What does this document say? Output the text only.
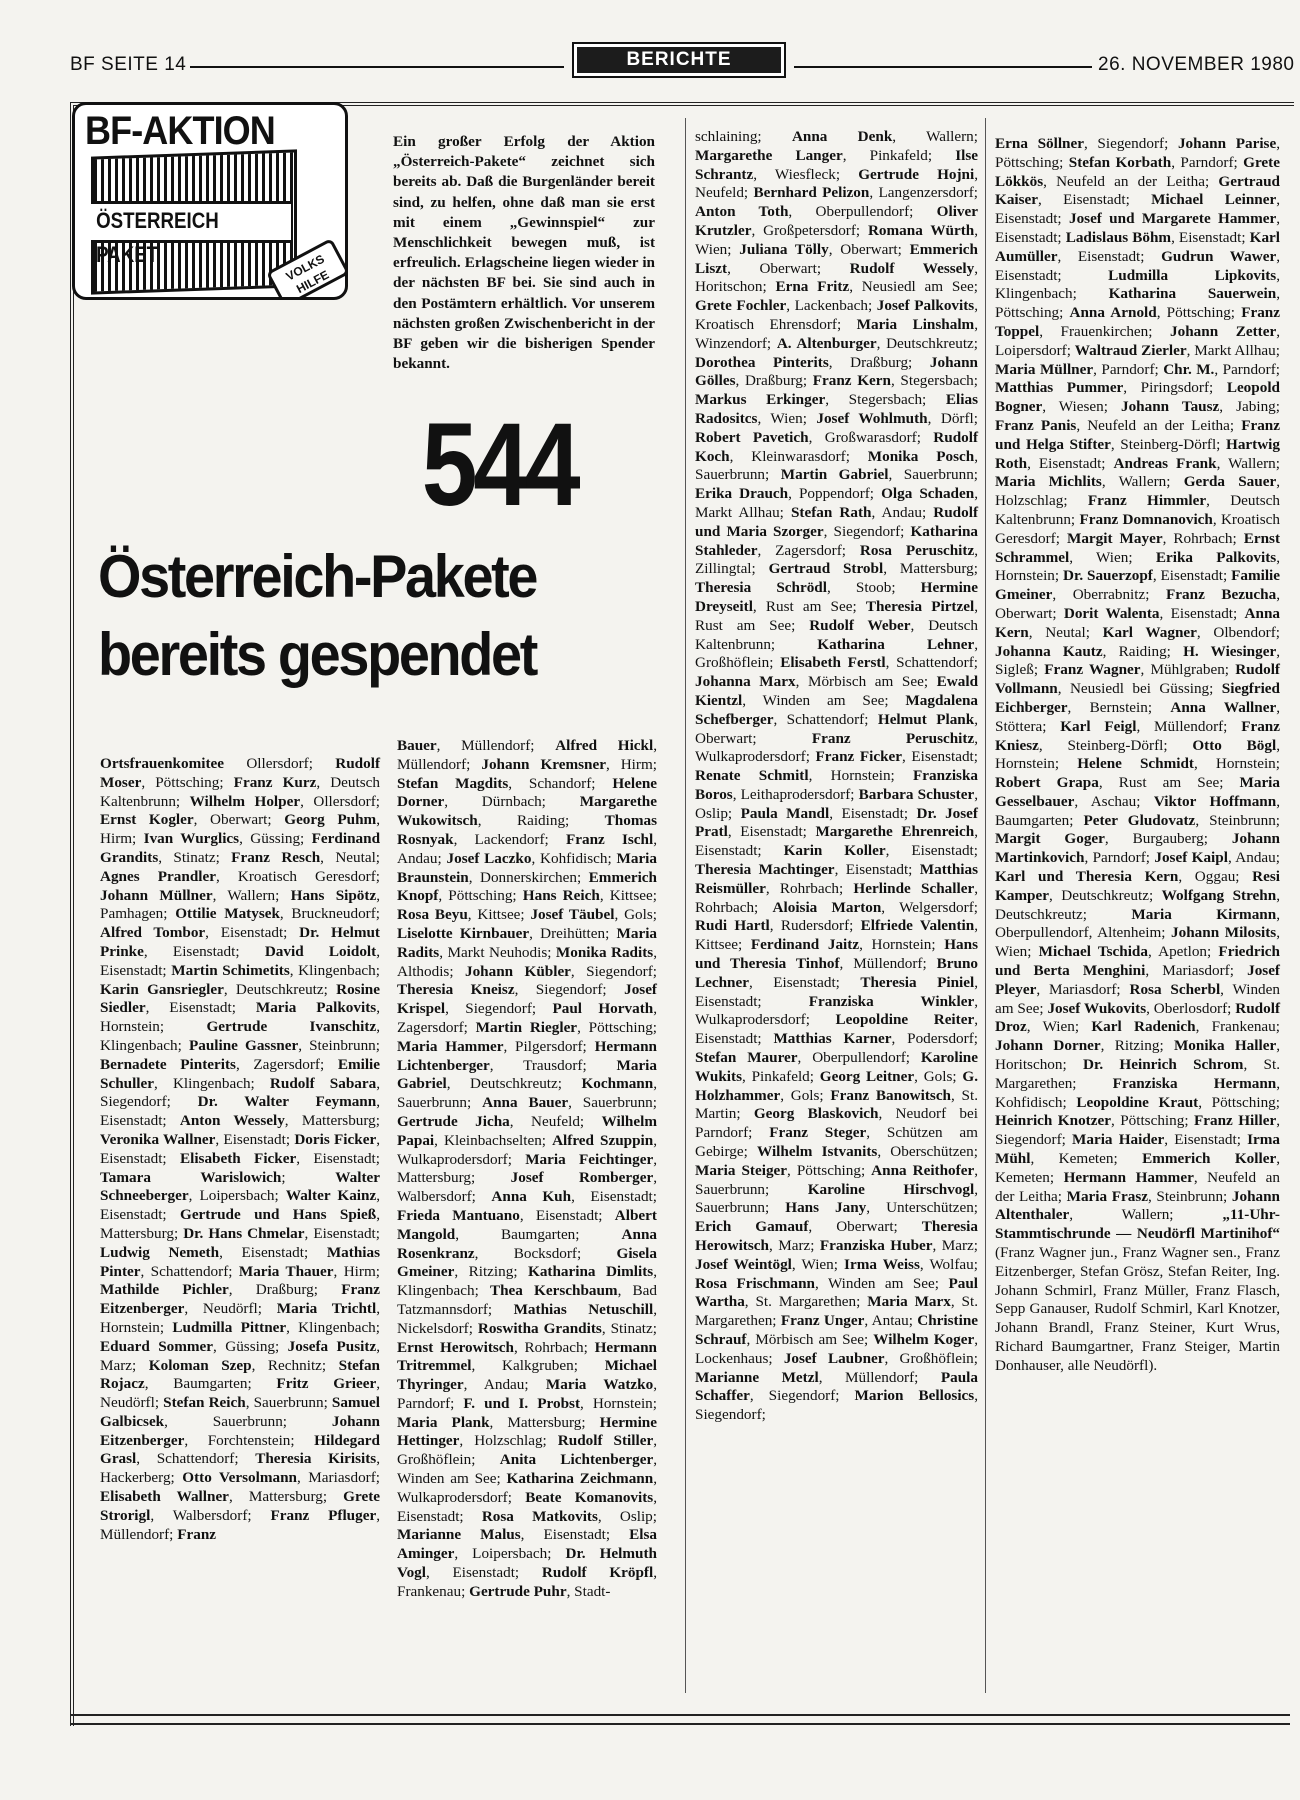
BF SEITE 14	BERICHTE	26. NOVEMBER 1980
BF-AKTION
ÖSTERREICH PAKET	VOLKS HILFE
Ein großer Erfolg der Aktion „Österreich-Pakete“ zeichnet sich bereits ab. Daß die Burgenländer bereit sind, zu helfen, ohne daß man sie erst mit einem „Gewinnspiel“ zur Menschlichkeit bewegen muß, ist erfreulich. Erlagscheine liegen wieder in der nächsten BF bei. Sie sind auch in den Postämtern erhältlich. Vor unserem nächsten großen Zwischenbericht in der BF geben wir die bisherigen Spender bekannt.
544
Österreich-Pakete
bereits gespendet
Ortsfrauenkomitee Ollersdorf; Rudolf Moser, Pöttsching; Franz Kurz, Deutsch Kaltenbrunn; Wilhelm Holper, Ollersdorf; Ernst Kogler, Oberwart; Georg Puhm, Hirm; Ivan Wurglics, Güssing; Ferdinand Grandits, Stinatz; Franz Resch, Neutal; Agnes Prandler, Kroatisch Geresdorf; Johann Müllner, Wallern; Hans Sipötz, Pamhagen; Ottilie Matysek, Bruckneudorf; Alfred Tombor, Eisenstadt; Dr. Helmut Prinke, Eisenstadt; David Loidolt, Eisenstadt; Martin Schimetits, Klingenbach; Karin Gansriegler, Deutschkreutz; Rosine Siedler, Eisenstadt; Maria Palkovits, Hornstein; Gertrude Ivanschitz, Klingenbach; Pauline Gassner, Steinbrunn; Bernadete Pinterits, Zagersdorf; Emilie Schuller, Klingenbach; Rudolf Sabara, Siegendorf; Dr. Walter Feymann, Eisenstadt; Anton Wessely, Mattersburg; Veronika Wallner, Eisenstadt; Doris Ficker, Eisenstadt; Elisabeth Ficker, Eisenstadt; Tamara Warislowich; Walter Schneeberger, Loipersbach; Walter Kainz, Eisenstadt; Gertrude und Hans Spieß, Mattersburg; Dr. Hans Chmelar, Eisenstadt; Ludwig Nemeth, Eisenstadt; Mathias Pinter, Schattendorf; Maria Thauer, Hirm; Mathilde Pichler, Draßburg; Franz Eitzenberger, Neudörfl; Maria Trichtl, Hornstein; Ludmilla Pittner, Klingenbach; Eduard Sommer, Güssing; Josefa Pusitz, Marz; Koloman Szep, Rechnitz; Stefan Rojacz, Baumgarten; Fritz Grieer, Neudörfl; Stefan Reich, Sauerbrunn; Samuel Galbicsek, Sauerbrunn; Johann Eitzenberger, Forchtenstein; Hildegard Grasl, Schattendorf; Theresia Kirisits, Hackerberg; Otto Versolmann, Mariasdorf; Elisabeth Wallner, Mattersburg; Grete Strorigl, Walbersdorf; Franz Pfluger, Müllendorf; Franz
Bauer, Müllendorf; Alfred Hickl, Müllendorf; Johann Kremsner, Hirm; Stefan Magdits, Schandorf; Helene Dorner, Dürnbach; Margarethe Wukowitsch, Raiding; Thomas Rosnyak, Lackendorf; Franz Ischl, Andau; Josef Laczko, Kohfidisch; Maria Braunstein, Donnerskirchen; Emmerich Knopf, Pöttsching; Hans Reich, Kittsee; Rosa Beyu, Kittsee; Josef Täubel, Gols; Liselotte Kirnbauer, Dreihütten; Maria Radits, Markt Neuhodis; Monika Radits, Althodis; Johann Kübler, Siegendorf; Theresia Kneisz, Siegendorf; Josef Krispel, Siegendorf; Paul Horvath, Zagersdorf; Martin Riegler, Pöttsching; Maria Hammer, Pilgersdorf; Hermann Lichtenberger, Trausdorf; Maria Gabriel, Deutschkreutz; Kochmann, Sauerbrunn; Anna Bauer, Sauerbrunn; Gertrude Jicha, Neufeld; Wilhelm Papai, Kleinbachselten; Alfred Szuppin, Wulkaprodersdorf; Maria Feichtinger, Mattersburg; Josef Romberger, Walbersdorf; Anna Kuh, Eisenstadt; Frieda Mantuano, Eisenstadt; Albert Mangold, Baumgarten; Anna Rosenkranz, Bocksdorf; Gisela Gmeiner, Ritzing; Katharina Dimlits, Klingenbach; Thea Kerschbaum, Bad Tatzmannsdorf; Mathias Netuschill, Nickelsdorf; Roswitha Grandits, Stinatz; Ernst Herowitsch, Rohrbach; Hermann Tritremmel, Kalkgruben; Michael Thyringer, Andau; Maria Watzko, Parndorf; F. und I. Probst, Hornstein; Maria Plank, Mattersburg; Hermine Hettinger, Holzschlag; Rudolf Stiller, Großhöflein; Anita Lichtenberger, Winden am See; Katharina Zeichmann, Wulkaprodersdorf; Beate Komanovits, Eisenstadt; Rosa Matkovits, Oslip; Marianne Malus, Eisenstadt; Elsa Aminger, Loipersbach; Dr. Helmuth Vogl, Eisenstadt; Rudolf Kröpfl, Frankenau; Gertrude Puhr, Stadt-
schlaining; Anna Denk, Wallern; Margarethe Langer, Pinkafeld; Ilse Schrantz, Wiesfleck; Gertrude Hojni, Neufeld; Bernhard Pelizon, Langenzersdorf; Anton Toth, Oberpullendorf; Oliver Krutzler, Großpetersdorf; Romana Würth, Wien; Juliana Tölly, Oberwart; Emmerich Liszt, Oberwart; Rudolf Wessely, Horitschon; Erna Fritz, Neusiedl am See; Grete Fochler, Lackenbach; Josef Palkovits, Kroatisch Ehrensdorf; Maria Linshalm, Winzendorf; A. Altenburger, Deutschkreutz; Dorothea Pinterits, Draßburg; Johann Gölles, Draßburg; Franz Kern, Stegersbach; Markus Erkinger, Stegersbach; Elias Radositcs, Wien; Josef Wohlmuth, Dörfl; Robert Pavetich, Großwarasdorf; Rudolf Koch, Kleinwarasdorf; Monika Posch, Sauerbrunn; Martin Gabriel, Sauerbrunn; Erika Drauch, Poppendorf; Olga Schaden, Markt Allhau; Stefan Rath, Andau; Rudolf und Maria Szorger, Siegendorf; Katharina Stahleder, Zagersdorf; Rosa Peruschitz, Zillingtal; Gertraud Strobl, Mattersburg; Theresia Schrödl, Stoob; Hermine Dreyseitl, Rust am See; Theresia Pirtzel, Rust am See; Rudolf Weber, Deutsch Kaltenbrunn; Katharina Lehner, Großhöflein; Elisabeth Ferstl, Schattendorf; Johanna Marx, Mörbisch am See; Ewald Kientzl, Winden am See; Magdalena Schefberger, Schattendorf; Helmut Plank, Oberwart; Franz Peruschitz, Wulkaprodersdorf; Franz Ficker, Eisenstadt; Renate Schmitl, Hornstein; Franziska Boros, Leithaprodersdorf; Barbara Schuster, Oslip; Paula Mandl, Eisenstadt; Dr. Josef Pratl, Eisenstadt; Margarethe Ehrenreich, Eisenstadt; Karin Koller, Eisenstadt; Theresia Machtinger, Eisenstadt; Matthias Reismüller, Rohrbach; Herlinde Schaller, Rohrbach; Aloisia Marton, Welgersdorf; Rudi Hartl, Rudersdorf; Elfriede Valentin, Kittsee; Ferdinand Jaitz, Hornstein; Hans und Theresia Tinhof, Müllendorf; Bruno Lechner, Eisenstadt; Theresia Piniel, Eisenstadt; Franziska Winkler, Wulkaprodersdorf; Leopoldine Reiter, Eisenstadt; Matthias Karner, Podersdorf; Stefan Maurer, Oberpullendorf; Karoline Wukits, Pinkafeld; Georg Leitner, Gols; G. Holzhammer, Gols; Franz Banowitsch, St. Martin; Georg Blaskovich, Neudorf bei Parndorf; Franz Steger, Schützen am Gebirge; Wilhelm Istvanits, Oberschützen; Maria Steiger, Pöttsching; Anna Reithofer, Sauerbrunn; Karoline Hirschvogl, Sauerbrunn; Hans Jany, Unterschützen; Erich Gamauf, Oberwart; Theresia Herowitsch, Marz; Franziska Huber, Marz; Josef Weintögl, Wien; Irma Weiss, Wolfau; Rosa Frischmann, Winden am See; Paul Wartha, St. Margarethen; Maria Marx, St. Margarethen; Franz Unger, Antau; Christine Schrauf, Mörbisch am See; Wilhelm Koger, Lockenhaus; Josef Laubner, Großhöflein; Marianne Metzl, Müllendorf; Paula Schaffer, Siegendorf; Marion Bellosics, Siegendorf;
Erna Söllner, Siegendorf; Johann Parise, Pöttsching; Stefan Korbath, Parndorf; Grete Lökkös, Neufeld an der Leitha; Gertraud Kaiser, Eisenstadt; Michael Leinner, Eisenstadt; Josef und Margarete Hammer, Eisenstadt; Ladislaus Böhm, Eisenstadt; Karl Aumüller, Eisenstadt; Gudrun Wawer, Eisenstadt; Ludmilla Lipkovits, Klingenbach; Katharina Sauerwein, Pöttsching; Anna Arnold, Pöttsching; Franz Toppel, Frauenkirchen; Johann Zetter, Loipersdorf; Waltraud Zierler, Markt Allhau; Maria Müllner, Parndorf; Chr. M., Parndorf; Matthias Pummer, Piringsdorf; Leopold Bogner, Wiesen; Johann Tausz, Jabing; Franz Panis, Neufeld an der Leitha; Franz und Helga Stifter, Steinberg-Dörfl; Hartwig Roth, Eisenstadt; Andreas Frank, Wallern; Maria Michlits, Wallern; Gerda Sauer, Holzschlag; Franz Himmler, Deutsch Kaltenbrunn; Franz Domnanovich, Kroatisch Geresdorf; Margit Mayer, Rohrbach; Ernst Schrammel, Wien; Erika Palkovits, Hornstein; Dr. Sauerzopf, Eisenstadt; Familie Gmeiner, Oberrabnitz; Franz Bezucha, Oberwart; Dorit Walenta, Eisenstadt; Anna Kern, Neutal; Karl Wagner, Olbendorf; Johanna Kautz, Raiding; H. Wiesinger, Sigleß; Franz Wagner, Mühlgraben; Rudolf Vollmann, Neusiedl bei Güssing; Siegfried Eichberger, Bernstein; Anna Wallner, Stöttera; Karl Feigl, Müllendorf; Franz Kniesz, Steinberg-Dörfl; Otto Bögl, Hornstein; Helene Schmidt, Hornstein; Robert Grapa, Rust am See; Maria Gesselbauer, Aschau; Viktor Hoffmann, Baumgarten; Peter Gludovatz, Steinbrunn; Margit Goger, Burgauberg; Johann Martinkovich, Parndorf; Josef Kaipl, Andau; Karl und Theresia Kern, Oggau; Resi Kamper, Deutschkreutz; Wolfgang Strehn, Deutschkreutz; Maria Kirmann, Oberpullendorf, Altenheim; Johann Milosits, Wien; Michael Tschida, Apetlon; Friedrich und Berta Menghini, Mariasdorf; Josef Pleyer, Mariasdorf; Rosa Scherbl, Winden am See; Josef Wukovits, Oberlosdorf; Rudolf Droz, Wien; Karl Radenich, Frankenau; Johann Dorner, Ritzing; Monika Haller, Horitschon; Dr. Heinrich Schrom, St. Margarethen; Franziska Hermann, Kohfidisch; Leopoldine Kraut, Pöttsching; Heinrich Knotzer, Pöttsching; Franz Hiller, Siegendorf; Maria Haider, Eisenstadt; Irma Mühl, Kemeten; Emmerich Koller, Kemeten; Hermann Hammer, Neufeld an der Leitha; Maria Frasz, Steinbrunn; Johann Altenthaler, Wallern; „11-Uhr-Stammtischrunde — Neudörfl Martinihof“ (Franz Wagner jun., Franz Wagner sen., Franz Eitzenberger, Stefan Grösz, Stefan Reiter, Ing. Johann Schmirl, Franz Müller, Franz Flasch, Sepp Ganauser, Rudolf Schmirl, Karl Knotzer, Johann Brandl, Franz Steiner, Kurt Wrus, Richard Baumgartner, Franz Steiger, Martin Donhauser, alle Neudörfl).
